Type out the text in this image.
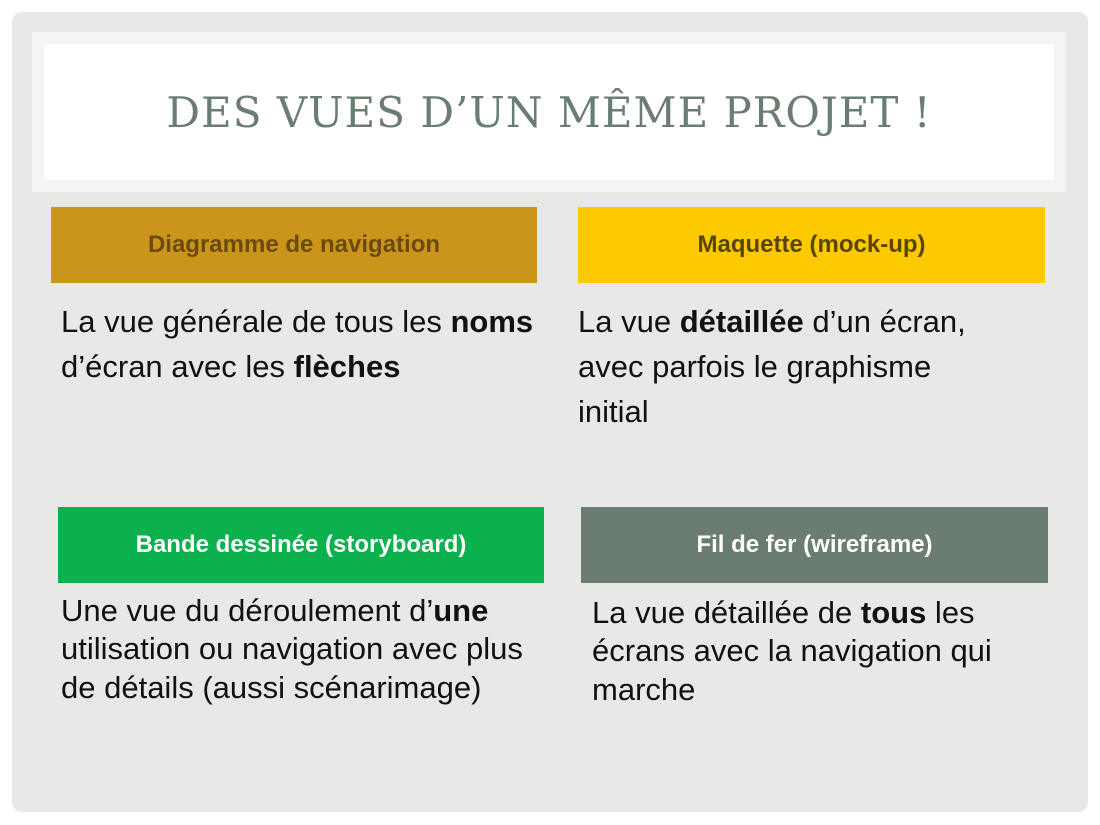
DES VUES D’UN MÊME PROJET !
Diagramme de navigation

La vue générale de tous les noms d’écran avec les flèches

Maquette (mock-up)

La vue détaillée d’un écran, avec parfois le graphisme initial

Bande dessinée (storyboard)

Une vue du déroulement d’une utilisation ou navigation avec plus de détails (aussi scénarimage)

Fil de fer (wireframe)

La vue détaillée de tous les écrans avec la navigation qui marche
